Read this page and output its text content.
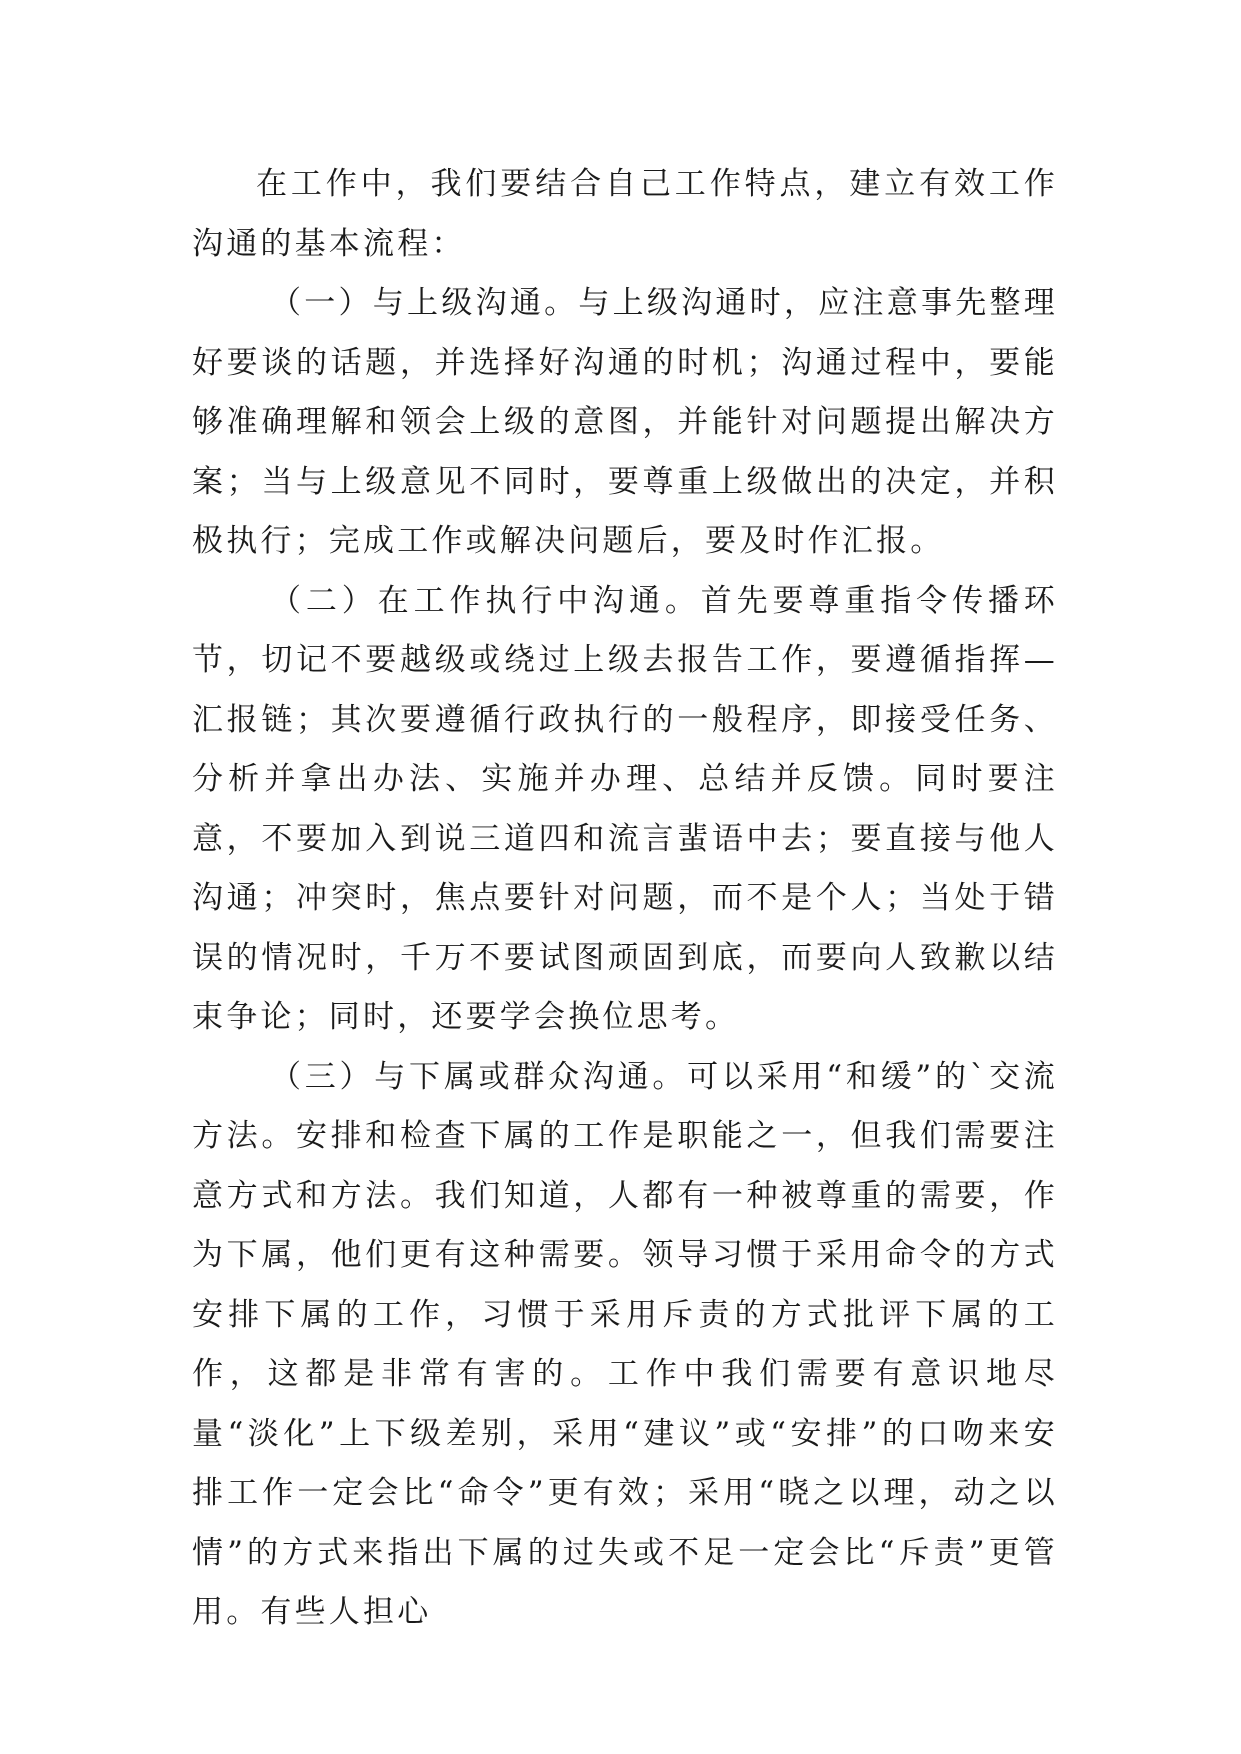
在工作中，我们要结合自己工作特点，建立有效工作沟通的基本流程：

（一）与上级沟通。与上级沟通时，应注意事先整理好要谈的话题，并选择好沟通的时机；沟通过程中，要能够准确理解和领会上级的意图，并能针对问题提出解决方案；当与上级意见不同时，要尊重上级做出的决定，并积极执行；完成工作或解决问题后，要及时作汇报。

（二）在工作执行中沟通。首先要尊重指令传播环节，切记不要越级或绕过上级去报告工作，要遵循指挥—汇报链；其次要遵循行政执行的一般程序，即接受任务、分析并拿出办法、实施并办理、总结并反馈。同时要注意，不要加入到说三道四和流言蜚语中去；要直接与他人沟通；冲突时，焦点要针对问题，而不是个人；当处于错误的情况时，千万不要试图顽固到底，而要向人致歉以结束争论；同时，还要学会换位思考。

（三）与下属或群众沟通。可以采用“和缓”的`交流方法。安排和检查下属的工作是职能之一，但我们需要注意方式和方法。我们知道，人都有一种被尊重的需要，作为下属，他们更有这种需要。领导习惯于采用命令的方式安排下属的工作，习惯于采用斥责的方式批评下属的工作，这都是非常有害的。工作中我们需要有意识地尽量“淡化”上下级差别，采用“建议”或“安排”的口吻来安排工作一定会比“命令”更有效；采用“晓之以理，动之以情”的方式来指出下属的过失或不足一定会比“斥责”更管用。有些人担心
